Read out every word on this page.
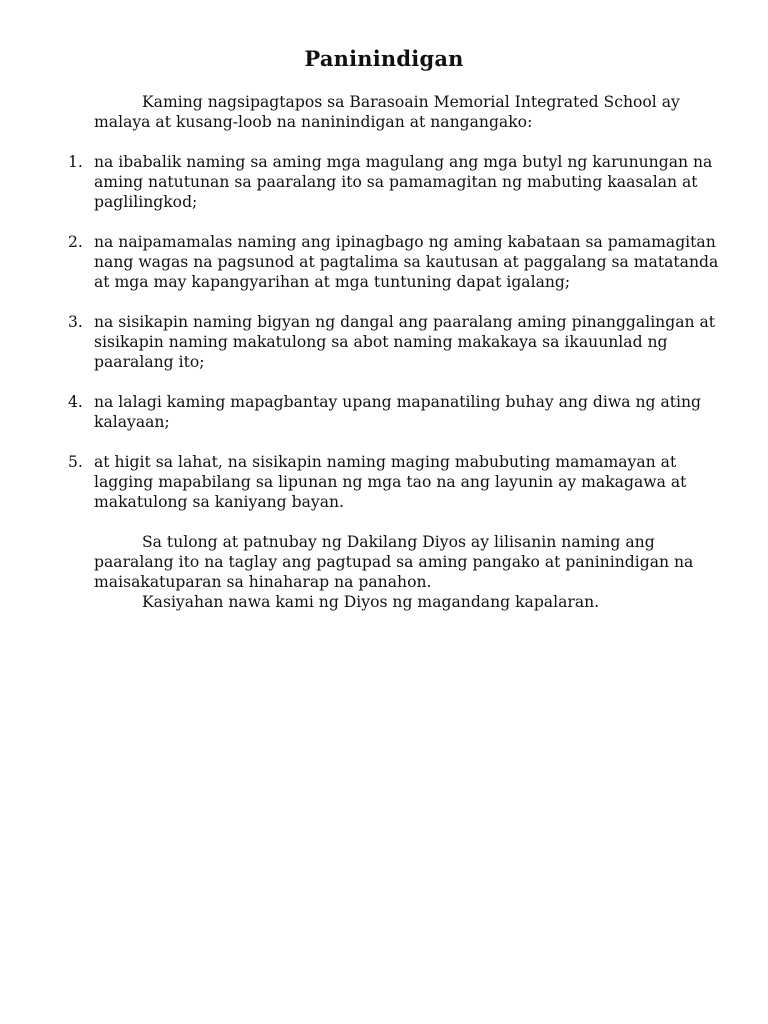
Paninindigan

Kaming nagsipagtapos sa Barasoain Memorial Integrated School ay malaya at kusang-loob na naninindigan at nangangako:

1. na ibabalik naming sa aming mga magulang ang mga butyl ng karunungan na aming natutunan sa paaralang ito sa pamamagitan ng mabuting kaasalan at paglilingkod;
2. na naipamamalas naming ang ipinagbago ng aming kabataan sa pamamagitan nang wagas na pagsunod at pagtalima sa kautusan at paggalang sa matatanda at mga may kapangyarihan at mga tuntuning dapat igalang;
3. na sisikapin naming bigyan ng dangal ang paaralang aming pinanggalingan at sisikapin naming makatulong sa abot naming makakaya sa ikauunlad ng paaralang ito;
4. na lalagi kaming mapagbantay upang mapanatiling buhay ang diwa ng ating kalayaan;
5. at higit sa lahat, na sisikapin naming maging mabubuting mamamayan at lagging mapabilang sa lipunan ng mga tao na ang layunin ay makagawa at makatulong sa kaniyang bayan.

Sa tulong at patnubay ng Dakilang Diyos ay lilisanin naming ang paaralang ito na taglay ang pagtupad sa aming pangako at paninindigan na maisakatuparan sa hinaharap na panahon.

Kasiyahan nawa kami ng Diyos ng magandang kapalaran.
